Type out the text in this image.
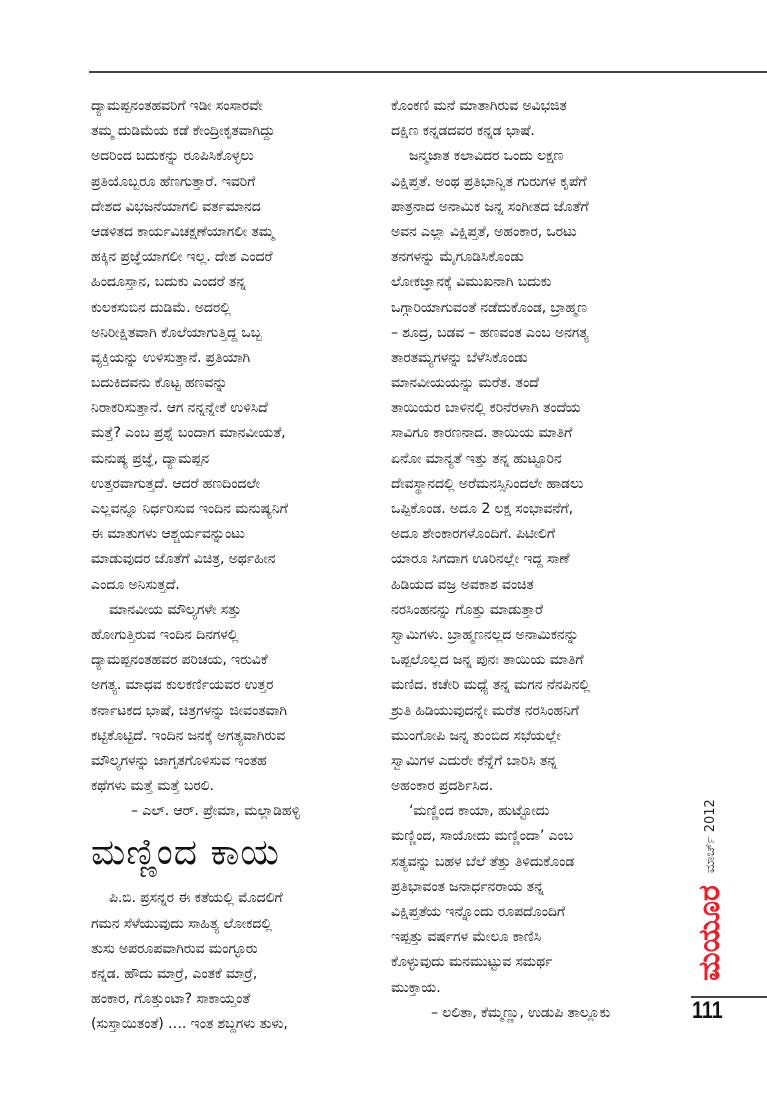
ದ್ಯಾಮಪ್ಪನಂತಹವರಿಗೆ ಇಡೀ ಸಂಸಾರವೇ
ತಮ್ಮ ದುಡಿಮೆಯ ಕಡೆ ಕೇಂದ್ರೀಕೃತವಾಗಿದ್ದು
ಅದರಿಂದ ಬದುಕನ್ನು ರೂಪಿಸಿಕೊಳ್ಳಲು
ಪ್ರತಿಯೊಬ್ಬರೂ ಹೆಣಗುತ್ತಾರೆ. ಇವರಿಗೆ
ದೇಶದ ವಿಭಜನೆಯಾಗಲಿ ವರ್ತಮಾನದ
ಆಡಳಿತದ ಕಾರ್ಯವಿಚಕ್ಷಣೆಯಾಗಲೀ ತಮ್ಮ
ಹಕ್ಕಿನ ಪ್ರಜ್ಞೆಯಾಗಲೀ ಇಲ್ಲ. ದೇಶ ಎಂದರೆ
ಹಿಂದೂಸ್ತಾನ, ಬದುಕು ಎಂದರೆ ತನ್ನ
ಕುಲಕಸುಬಿನ ದುಡಿಮೆ. ಅದರಲ್ಲಿ
ಅನಿರೀಕ್ಷಿತವಾಗಿ ಕೊಲೆಯಾಗುತ್ತಿದ್ದ ಒಬ್ಬ
ವ್ಯಕ್ತಿಯನ್ನು ಉಳಿಸುತ್ತಾನೆ. ಪ್ರತಿಯಾಗಿ
ಬದುಕಿದವನು ಕೊಟ್ಟ ಹಣವನ್ನು
ನಿರಾಕರಿಸುತ್ತಾನೆ. ಆಗ ನನ್ನನ್ನೇಕೆ ಉಳಿಸಿದೆ
ಮತ್ತೆ? ಎಂಬ ಪ್ರಶ್ನೆ ಬಂದಾಗ ಮಾನವೀಯತೆ,
ಮನುಷ್ಯ ಪ್ರಜ್ಞೆ, ದ್ಯಾಮಪ್ಪನ
ಉತ್ತರವಾಗುತ್ತದೆ. ಆದರೆ ಹಣದಿಂದಲೇ
ಎಲ್ಲವನ್ನೂ ನಿರ್ಧರಿಸುವ ಇಂದಿನ ಮನುಷ್ಯನಿಗೆ
ಈ ಮಾತುಗಳು ಆಶ್ಚರ್ಯವನ್ನುಂಟು
ಮಾಡುವುದರ ಜೊತೆಗೆ ವಿಚಿತ್ರ, ಅರ್ಥಹೀನ
ಎಂದೂ ಅನಿಸುತ್ತದೆ.
ಮಾನವೀಯ ಮೌಲ್ಯಗಳೇ ಸತ್ತು
ಹೋಗುತ್ತಿರುವ ಇಂದಿನ ದಿನಗಳಲ್ಲಿ
ದ್ಯಾಮಪ್ಪನಂತಹವರ ಪರಿಚಯ, ಇರುವಿಕೆ
ಅಗತ್ಯ. ಮಾಧವ ಕುಲಕರ್ಣಿಯವರ ಉತ್ತರ
ಕರ್ನಾಟಕದ ಭಾಷೆ, ಚಿತ್ರಗಳನ್ನು ಜೀವಂತವಾಗಿ
ಕಟ್ಟಿಕೊಟ್ಟಿದೆ. ಇಂದಿನ ಜನಕ್ಕೆ ಅಗತ್ಯವಾಗಿರುವ
ಮೌಲ್ಯಗಳನ್ನು ಜಾಗೃತಗೊಳಿಸುವ ಇಂತಹ
ಕಥೆಗಳು ಮತ್ತೆ ಮತ್ತೆ ಬರಲಿ.
– ಎಲ್. ಆರ್. ಪ್ರೇಮಾ, ಮಲ್ಲಾಡಿಹಳ್ಳಿ
ಮಣ್ಣಿಂದ ಕಾಯ
ಪಿ.ಬಿ. ಪ್ರಸನ್ನರ ಈ ಕತೆಯಲ್ಲಿ ಮೊದಲಿಗೆ
ಗಮನ ಸೆಳೆಯುವುದು ಸಾಹಿತ್ಯ ಲೋಕದಲ್ಲಿ
ತುಸು ಅಪರೂಪವಾಗಿರುವ ಮಂಗ್ಳೂರು
ಕನ್ನಡ. ಹೌದು ಮಾರ್ರೆ, ಎಂತಕೆ ಮಾರ್ರೆ,
ಹಂಕಾರ, ಗೊತ್ತುಂಟಾ? ಸಾಕಾಯ್ತಂತೆ
(ಸುಸ್ತಾಯಿತಂತೆ) …. ಇಂತ ಶಬ್ದಗಳು ತುಳು,
ಕೊಂಕಣಿ ಮನೆ ಮಾತಾಗಿರುವ ಅವಿಭಜಿತ
ದಕ್ಷಿಣ ಕನ್ನಡದವರ ಕನ್ನಡ ಭಾಷೆ.
ಜನ್ಮಜಾತ ಕಲಾವಿದರ ಒಂದು ಲಕ್ಷಣ
ವಿಕ್ಷಿಪ್ತತೆ. ಅಂಥ ಪ್ರತಿಭಾನ್ವಿತ ಗುರುಗಳ ಕೃಪೆಗೆ
ಪಾತ್ರನಾದ ಅನಾಮಿಕ ಜನ್ನ ಸಂಗೀತದ ಜೊತೆಗೆ
ಅವನ ಎಲ್ಲಾ ವಿಕ್ಷಿಪ್ತತೆ, ಅಹಂಕಾರ, ಒರಟು
ತನಗಳನ್ನು ಮೈಗೂಡಿಸಿಕೊಂಡು
ಲೋಕಜ್ಞಾನಕ್ಕೆ ವಿಮುಖನಾಗಿ ಬದುಕು
ಒಗ್ಗಾರಿಯಾಗುವಂತೆ ನಡೆದುಕೊಂಡ, ಬ್ರಾಹ್ಮಣ
– ಶೂದ್ರ, ಬಡವ – ಹಣವಂತ ಎಂಬ ಅನಗತ್ಯ
ತಾರತಮ್ಯಗಳನ್ನು ಬೆಳೆಸಿಕೊಂಡು
ಮಾನವೀಯಯನ್ನು ಮರೆತ. ತಂದೆ
ತಾಯಿಯರ ಬಾಳಿನಲ್ಲಿ ಕರಿನೆರಳಾಗಿ ತಂದೆಯ
ಸಾವಿಗೂ ಕಾರಣನಾದ. ತಾಯಿಯ ಮಾತಿಗೆ
ಏನೋ ಮಾನ್ಯತೆ ಇತ್ತು ತನ್ನ ಹುಟ್ಟೂರಿನ
ದೇವಸ್ಥಾನದಲ್ಲಿ ಅರೆಮನಸ್ಸಿನಿಂದಲೇ ಹಾಡಲು
ಒಪ್ಪಿಕೊಂಡ. ಅದೂ 2 ಲಕ್ಷ ಸಂಭಾವನೆಗೆ,
ಅದೂ ಶೇಂಕಾರಗಳೊಂದಿಗೆ. ಪಿಟೀಲಿಗೆ
ಯಾರೂ ಸಿಗದಾಗ ಊರಿನಲ್ಲೇ ಇದ್ದ ಸಾಣೆ
ಹಿಡಿಯದ ವಜ್ರ ಅವಕಾಶ ವಂಚಿತ
ನರಸಿಂಹನನ್ನು ಗೊತ್ತು ಮಾಡುತ್ತಾರೆ
ಸ್ವಾಮಿಗಳು. ಬ್ರಾಹ್ಮಣನಲ್ಲದ ಅನಾಮಿಕನನ್ನು
ಒಪ್ಪಲೊಲ್ಲದ ಜನ್ನ ಪುನಃ ತಾಯಿಯ ಮಾತಿಗೆ
ಮಣಿದ. ಕಚೇರಿ ಮಧ್ಯೆ ತನ್ನ ಮಗನ ನೆನಪಿನಲ್ಲಿ
ಶ್ರುತಿ ಹಿಡಿಯುವುದನ್ನೇ ಮರೆತ ನರಸಿಂಹನಿಗೆ
ಮುಂಗೋಪಿ ಜನ್ನ ತುಂಬಿದ ಸಭೆಯಲ್ಲೇ
ಸ್ವಾಮಿಗಳ ಎದುರೇ ಕೆನ್ನೆಗೆ ಬಾರಿಸಿ ತನ್ನ
ಅಹಂಕಾರ ಪ್ರದರ್ಶಿಸಿದ.
‘ಮಣ್ಣಿಂದ ಕಾಯಾ, ಹುಟ್ಟೋದು
ಮಣ್ಣಿಂದ, ಸಾಯೋದು ಮಣ್ಣಿಂದಾ’ ಎಂಬ
ಸತ್ಯವನ್ನು ಬಹಳ ಬೆಲೆ ತೆತ್ತು ತಿಳಿದುಕೊಂಡ
ಪ್ರತಿಭಾವಂತ ಜನಾರ್ಧನರಾಯ ತನ್ನ
ವಿಕ್ಷಿಪ್ತತೆಯ ಇನ್ನೊಂದು ರೂಪದೊಂದಿಗೆ
ಇಪ್ಪತ್ತು ವರ್ಷಗಳ ಮೇಲೂ ಕಾಣಿಸಿ
ಕೊಳ್ಳುವುದು ಮನಮುಟ್ಟುವ ಸಮರ್ಥ
ಮುಕ್ತಾಯ.
– ಲಲಿತಾ, ಕೆಮ್ಮಣ್ಣು, ಉಡುಪಿ ತಾಲ್ಲೂಕು
ಮಯೂರ
ಮಾರ್ಚ್ 2012
111
